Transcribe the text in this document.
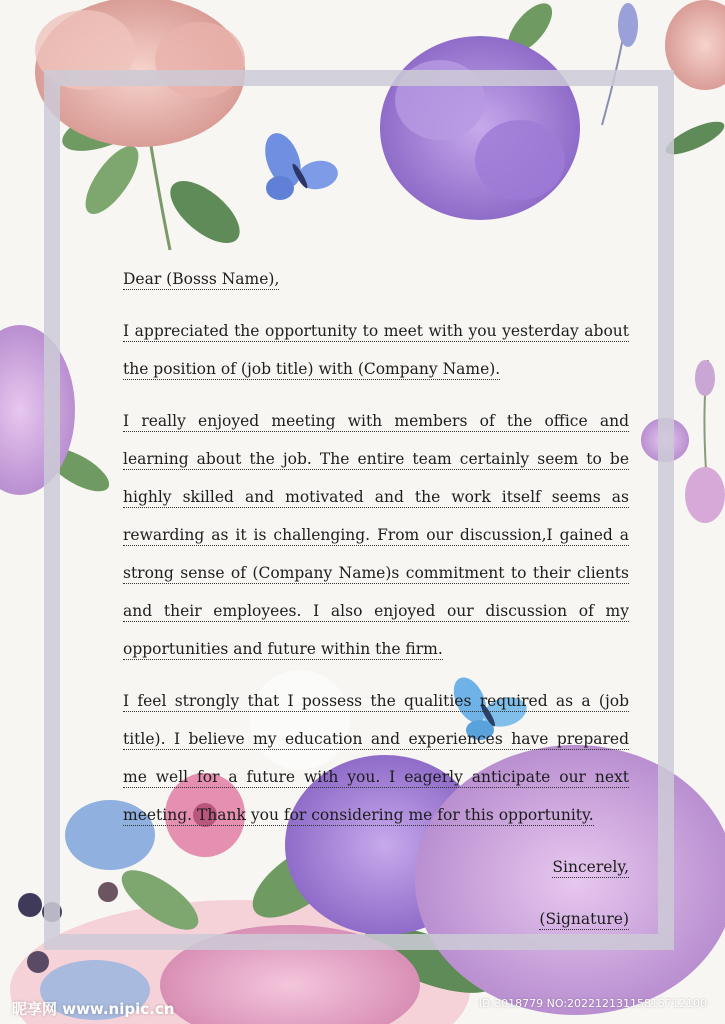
Dear (Bosss Name),

I appreciated the opportunity to meet with you yesterday about the position of (job title) with (Company Name).

I really enjoyed meeting with members of the office and learning about the job. The entire team certainly seem to be highly skilled and motivated and the work itself seems as rewarding as it is challenging. From our discussion,I gained a strong sense of (Company Name)s commitment to their clients and their employees. I also enjoyed our discussion of my opportunities and future within the firm.

I feel strongly that I possess the qualities required as a (job title). I believe my education and experiences have prepared me well for a future with you. I eagerly anticipate our next meeting. Thank you for considering me for this opportunity.

Sincerely,

(Signature)

昵享网 www.nipic.cn	ID:3018779 NO:20221213115815712100
